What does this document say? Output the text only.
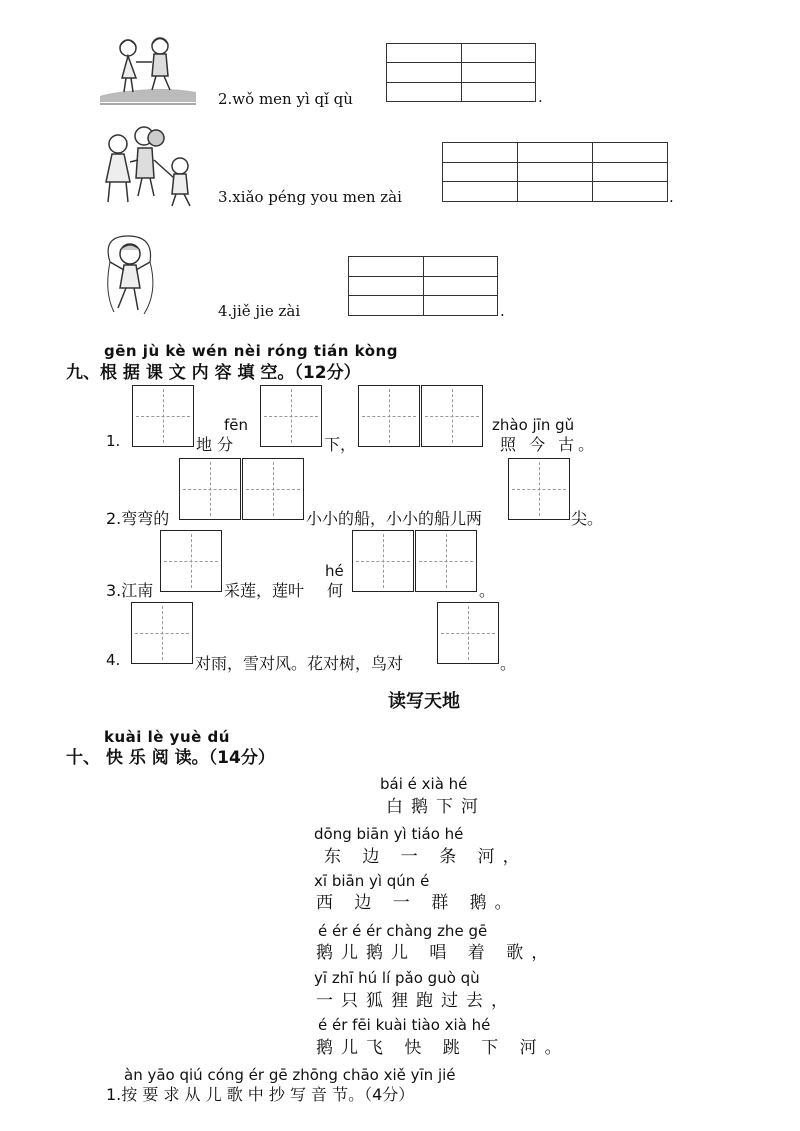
2.wǒ men yì qǐ qù

		.
3.xiǎo péng you men zài

			.
4.jiě jie zài

		.
gēn jù kè wén nèi róng tián kòng
九、根 据 课 文 内 容 填 空。（12分）
1.
fēn
地 分	下，
zhào jīn gǔ
照 今 古。
2.弯弯的	小小的船，小小的船儿两	尖。
3.江南	采莲，莲叶
hé
何	。
4.	对雨，雪对风。花对树，鸟对	。
读写天地
kuài lè yuè dú
十、 快 乐 阅 读。（14分）
bái é xià hé
白鹅下河
dōng biān yì tiáo hé
东 边 一 条 河，
xī biān yì qún é
西 边 一 群 鹅。
é ér é ér chàng zhe gē
鹅儿鹅儿 唱 着 歌，
yī zhī hú lí pǎo guò qù
一只狐狸跑过去，
é ér fēi kuài tiào xià hé
鹅儿飞 快 跳 下 河。
àn yāo qiú cóng ér gē zhōng chāo xiě yīn jié
1.按 要 求 从 儿 歌 中 抄 写 音 节。（4分）
